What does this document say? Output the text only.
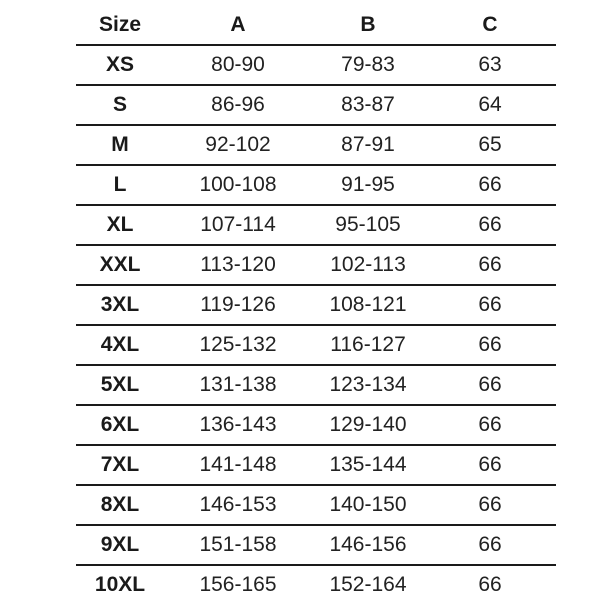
Size	A	B	C
XS	80-90	79-83	63
S	86-96	83-87	64
M	92-102	87-91	65
L	100-108	91-95	66
XL	107-114	95-105	66
XXL	113-120	102-113	66
3XL	119-126	108-121	66
4XL	125-132	116-127	66
5XL	131-138	123-134	66
6XL	136-143	129-140	66
7XL	141-148	135-144	66
8XL	146-153	140-150	66
9XL	151-158	146-156	66
10XL	156-165	152-164	66
